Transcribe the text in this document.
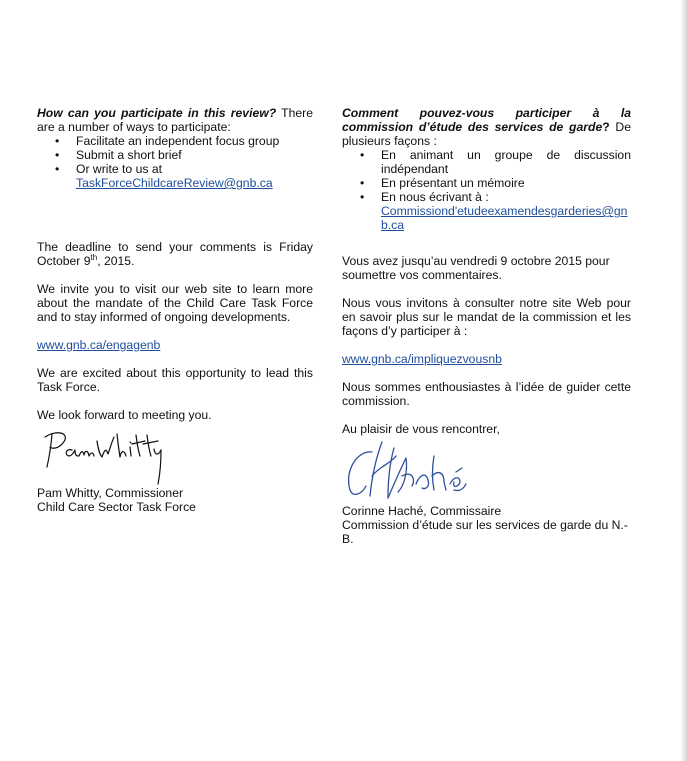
How can you participate in this review? There are a number of ways to participate:

• Facilitate an independent focus group
• Submit a short brief
• Or write to us at
TaskForceChildcareReview@gnb.ca

The deadline to send your comments is Friday October 9th, 2015.

We invite you to visit our web site to learn more about the mandate of the Child Care Task Force and to stay informed of ongoing developments.

www.gnb.ca/engagenb

We are excited about this opportunity to lead this Task Force.

We look forward to meeting you.

Pam Whitty, Commissioner

Child Care Sector Task Force

Comment pouvez-vous participer à la commission d’étude des services de garde? De plusieurs façons :

• En animant un groupe de discussion indépendant
• En présentant un mémoire
• En nous écrivant à :
Commissiond'etudeexamendesgarderies@gnb.ca

Vous avez jusqu’au vendredi 9 octobre 2015 pour soumettre vos commentaires.

Nous vous invitons à consulter notre site Web pour en savoir plus sur le mandat de la commission et les façons d’y participer à :

www.gnb.ca/impliquezvousnb

Nous sommes enthousiastes à l’idée de guider cette commission.

Au plaisir de vous rencontrer,

Corinne Haché, Commissaire

Commission d’étude sur les services de garde du N.-B.
